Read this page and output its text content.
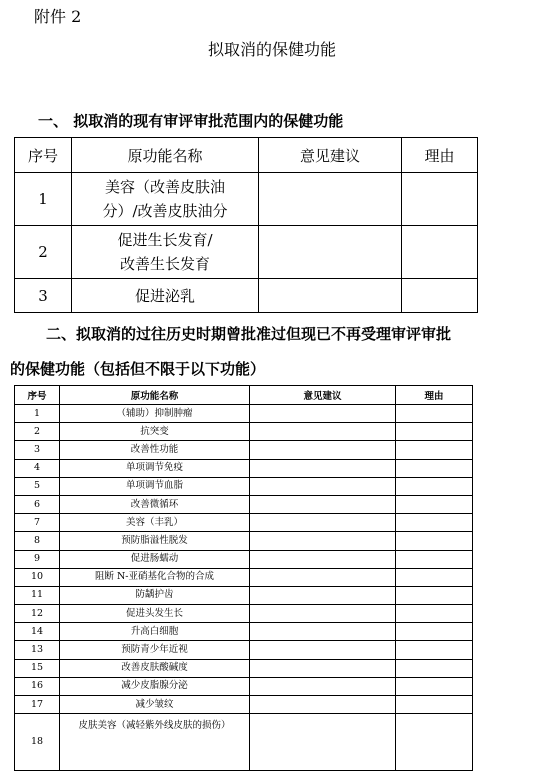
附件 2
拟取消的保健功能
一、 拟取消的现有审评审批范围内的保健功能
序号	原功能名称	意见建议	理由
1	美容（改善皮肤油
分）/改善皮肤油分		

2	促进生长发育/
改善生长发育		

3	促进泌乳		
二、拟取消的过往历史时期曾批准过但现已不再受理审评审批
的保健功能（包括但不限于以下功能）
序号	原功能名称	意见建议	理由
1	（辅助）抑制肿瘤		
2	抗突变		
3	改善性功能		
4	单项调节免疫		
5	单项调节血脂		
6	改善微循环		
7	美容（丰乳）		
8	预防脂溢性脱发		
9	促进肠蠕动		
10	阻断 N-亚硝基化合物的合成		
11	防龋护齿		
12	促进头发生长		
14	升高白细胞		
13	预防青少年近视		
15	改善皮肤酸碱度		
16	减少皮脂腺分泌		
17	减少皱纹		
18	皮肤美容（减轻紫外线皮肤的损伤）		
